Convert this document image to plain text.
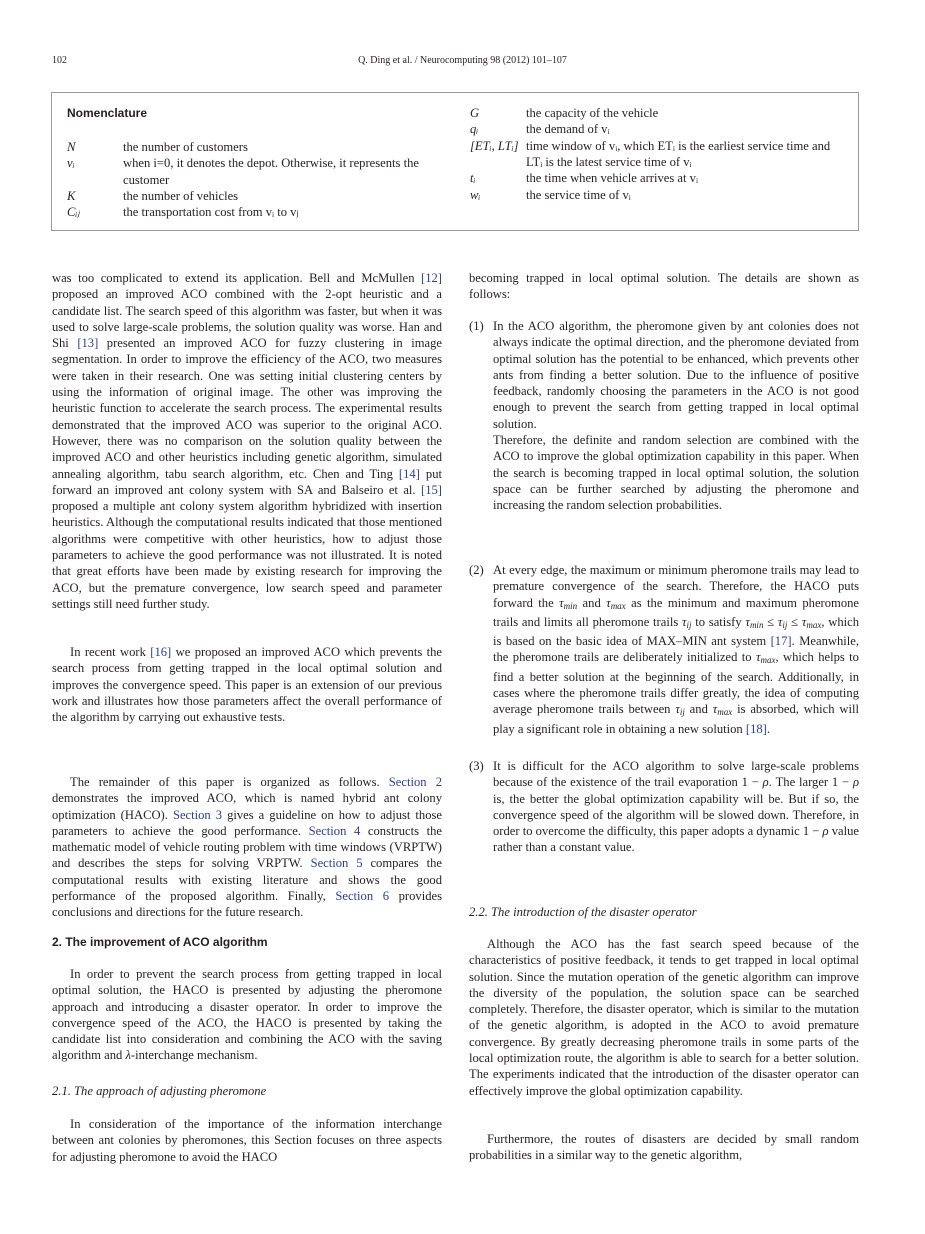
102	Q. Ding et al. / Neurocomputing 98 (2012) 101–107
Nomenclature
N	the number of customers
vᵢ	when i=0, it denotes the depot. Otherwise, it represents the customer
K	the number of vehicles
Cᵢⱼ	the transportation cost from vᵢ to vⱼ
G	the capacity of the vehicle
qᵢ	the demand of vᵢ
[ETᵢ, LTᵢ] time window of vᵢ, which ETᵢ is the earliest service time and LTᵢ is the latest service time of vᵢ
tᵢ	the time when vehicle arrives at vᵢ
wᵢ	the service time of vᵢ
was too complicated to extend its application. Bell and McMullen [12] proposed an improved ACO combined with the 2-opt heuristic and a candidate list. The search speed of this algorithm was faster, but when it was used to solve large-scale problems, the solution quality was worse. Han and Shi [13] presented an improved ACO for fuzzy clustering in image segmentation. In order to improve the efficiency of the ACO, two measures were taken in their research. One was setting initial clustering centers by using the information of original image. The other was improving the heuristic function to accelerate the search process. The experimental results demonstrated that the improved ACO was superior to the original ACO. However, there was no comparison on the solution quality between the improved ACO and other heuristics including genetic algorithm, simulated annealing algorithm, tabu search algorithm, etc. Chen and Ting [14] put forward an improved ant colony system with SA and Balseiro et al. [15] proposed a multiple ant colony system algorithm hybridized with insertion heuristics. Although the computational results indicated that those mentioned algorithms were competitive with other heuristics, how to adjust those parameters to achieve the good performance was not illustrated. It is noted that great efforts have been made by existing research for improving the ACO, but the premature convergence, low search speed and parameter settings still need further study.
In recent work [16] we proposed an improved ACO which prevents the search process from getting trapped in the local optimal solution and improves the convergence speed. This paper is an extension of our previous work and illustrates how those parameters affect the overall performance of the algorithm by carrying out exhaustive tests.
The remainder of this paper is organized as follows. Section 2 demonstrates the improved ACO, which is named hybrid ant colony optimization (HACO). Section 3 gives a guideline on how to adjust those parameters to achieve the good performance. Section 4 constructs the mathematic model of vehicle routing problem with time windows (VRPTW) and describes the steps for solving VRPTW. Section 5 compares the computational results with existing literature and shows the good performance of the proposed algorithm. Finally, Section 6 provides conclusions and directions for the future research.
2. The improvement of ACO algorithm
In order to prevent the search process from getting trapped in local optimal solution, the HACO is presented by adjusting the pheromone approach and introducing a disaster operator. In order to improve the convergence speed of the ACO, the HACO is presented by taking the candidate list into consideration and combining the ACO with the saving algorithm and λ-interchange mechanism.
2.1. The approach of adjusting pheromone
In consideration of the importance of the information interchange between ant colonies by pheromones, this Section focuses on three aspects for adjusting pheromone to avoid the HACO
becoming trapped in local optimal solution. The details are shown as follows:
(1) In the ACO algorithm, the pheromone given by ant colonies does not always indicate the optimal direction, and the pheromone deviated from optimal solution has the potential to be enhanced, which prevents other ants from finding a better solution. Due to the influence of positive feedback, randomly choosing the parameters in the ACO is not good enough to prevent the search from getting trapped in local optimal solution.
Therefore, the definite and random selection are combined with the ACO to improve the global optimization capability in this paper. When the search is becoming trapped in local optimal solution, the solution space can be further searched by adjusting the pheromone and increasing the random selection probabilities.
(2) At every edge, the maximum or minimum pheromone trails may lead to premature convergence of the search. Therefore, the HACO puts forward the $\tau_{min}$ and $\tau_{max}$ as the minimum and maximum pheromone trails and limits all pheromone trails $\tau_{ij}$ to satisfy $\tau_{min} \le \tau_{ij} \le \tau_{max}$, which is based on the basic idea of MAX–MIN ant system [17]. Meanwhile, the pheromone trails are deliberately initialized to $\tau_{max}$, which helps to find a better solution at the beginning of the search. Additionally, in cases where the pheromone trails differ greatly, the idea of computing average pheromone trails between $\tau_{ij}$ and $\tau_{max}$ is absorbed, which will play a significant role in obtaining a new solution [18].
(3) It is difficult for the ACO algorithm to solve large-scale problems because of the existence of the trail evaporation 1 − ρ. The larger 1 − ρ is, the better the global optimization capability will be. But if so, the convergence speed of the algorithm will be slowed down. Therefore, in order to overcome the difficulty, this paper adopts a dynamic 1 − ρ value rather than a constant value.
2.2. The introduction of the disaster operator
Although the ACO has the fast search speed because of the characteristics of positive feedback, it tends to get trapped in local optimal solution. Since the mutation operation of the genetic algorithm can improve the diversity of the population, the solution space can be searched completely. Therefore, the disaster operator, which is similar to the mutation of the genetic algorithm, is adopted in the ACO to avoid premature convergence. By greatly decreasing pheromone trails in some parts of the local optimization route, the algorithm is able to search for a better solution. The experiments indicated that the introduction of the disaster operator can effectively improve the global optimization capability.
Furthermore, the routes of disasters are decided by small random probabilities in a similar way to the genetic algorithm,
